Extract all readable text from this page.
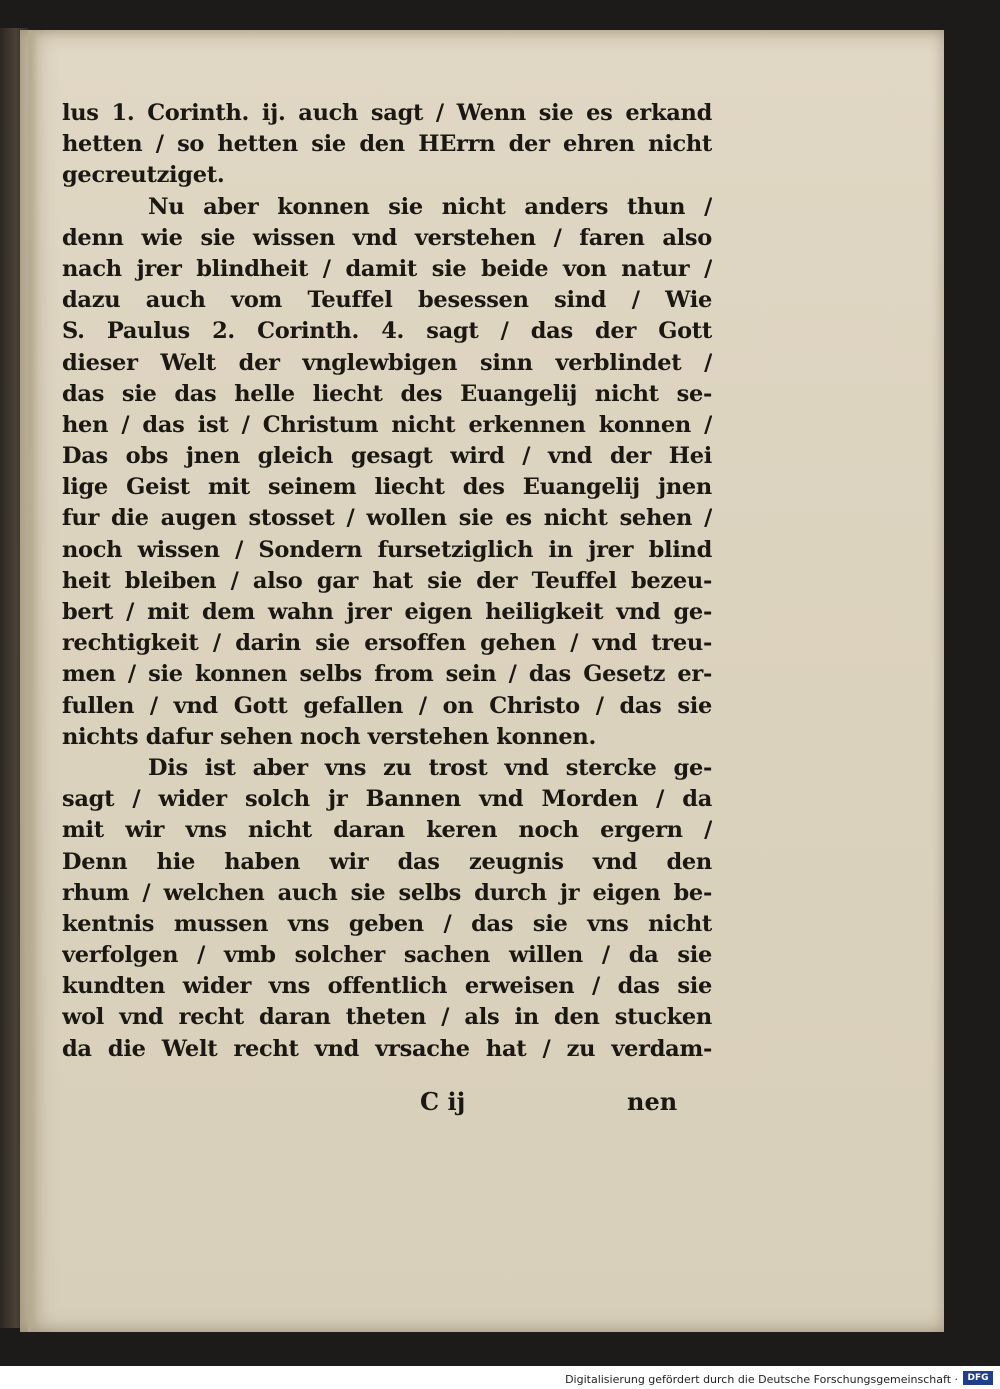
lus 1. Corinth. ij. auch sagt / Wenn sie es erkand
hetten / so hetten sie den HErrn der ehren nicht
gecreutziget.
Nu aber konnen sie nicht anders thun /
denn wie sie wissen vnd verstehen / faren also
nach jrer blindheit / damit sie beide von natur /
dazu auch vom Teuffel besessen sind / Wie
S. Paulus 2. Corinth. 4. sagt / das der Gott
dieser Welt der vnglewbigen sinn verblindet /
das sie das helle liecht des Euangelij nicht se-
hen / das ist / Christum nicht erkennen konnen /
Das obs jnen gleich gesagt wird / vnd der Hei
lige Geist mit seinem liecht des Euangelij jnen
fur die augen stosset / wollen sie es nicht sehen /
noch wissen / Sondern fursetziglich in jrer blind
heit bleiben / also gar hat sie der Teuffel bezeu-
bert / mit dem wahn jrer eigen heiligkeit vnd ge-
rechtigkeit / darin sie ersoffen gehen / vnd treu-
men / sie konnen selbs from sein / das Gesetz er-
fullen / vnd Gott gefallen / on Christo / das sie
nichts dafur sehen noch verstehen konnen.
Dis ist aber vns zu trost vnd stercke ge-
sagt / wider solch jr Bannen vnd Morden / da
mit wir vns nicht daran keren noch ergern /
Denn hie haben wir das zeugnis vnd den
rhum / welchen auch sie selbs durch jr eigen be-
kentnis mussen vns geben / das sie vns nicht
verfolgen / vmb solcher sachen willen / da sie
kundten wider vns offentlich erweisen / das sie
wol vnd recht daran theten / als in den stucken
da die Welt recht vnd vrsache hat / zu verdam-
C ij	nen
Digitalisierung gefördert durch die Deutsche Forschungsgemeinschaft ·	DFG
